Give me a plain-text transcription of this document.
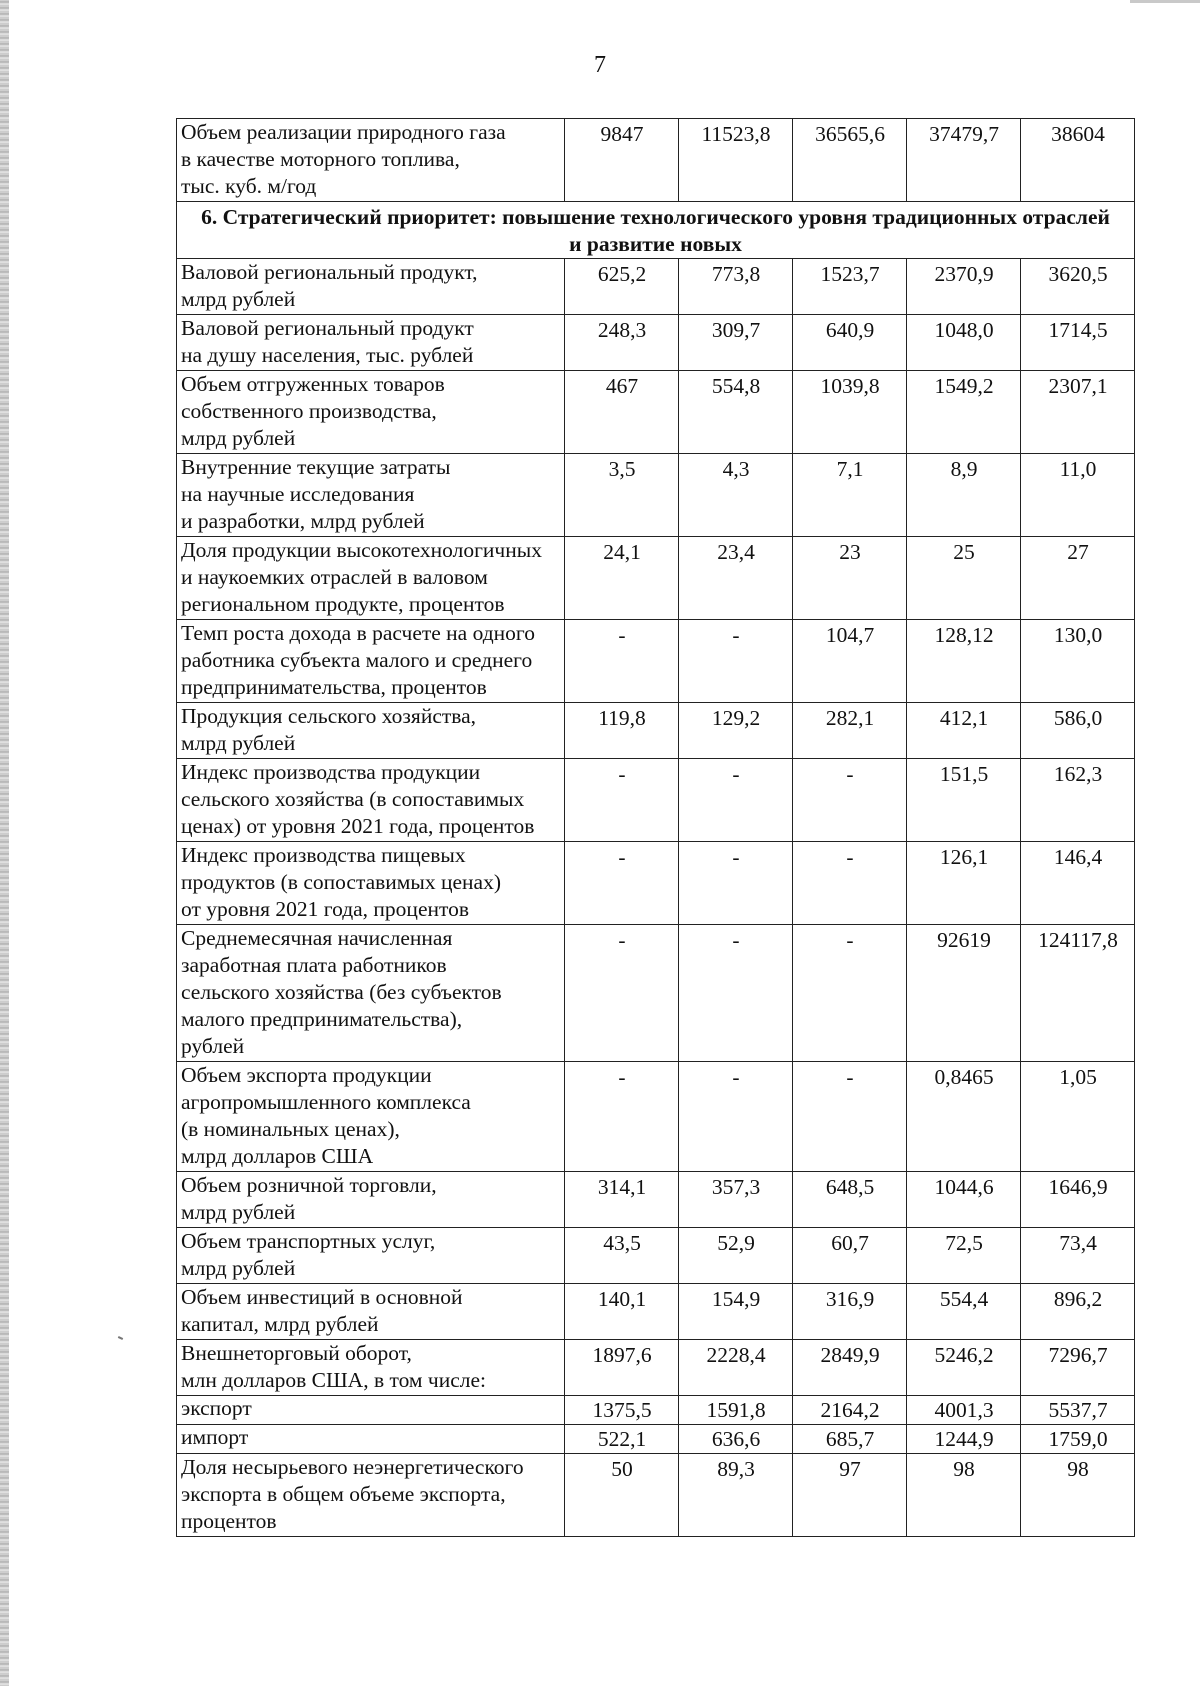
7
Объем реализации природного газа
в качестве моторного топлива,
тыс. куб. м/год	9847	11523,8	36565,6	37479,7	38604
6. Стратегический приоритет: повышение технологического уровня традиционных отраслей и развитие новых					
Валовой региональный продукт,
млрд рублей	625,2	773,8	1523,7	2370,9	3620,5
Валовой региональный продукт
на душу населения, тыс. рублей	248,3	309,7	640,9	1048,0	1714,5
Объем отгруженных товаров
собственного производства,
млрд рублей	467	554,8	1039,8	1549,2	2307,1
Внутренние текущие затраты
на научные исследования
и разработки, млрд рублей	3,5	4,3	7,1	8,9	11,0
Доля продукции высокотехнологичных
и наукоемких отраслей в валовом
региональном продукте, процентов	24,1	23,4	23	25	27
Темп роста дохода в расчете на одного
работника субъекта малого и среднего
предпринимательства, процентов	-	-	104,7	128,12	130,0
Продукция сельского хозяйства,
млрд рублей	119,8	129,2	282,1	412,1	586,0
Индекс производства продукции
сельского хозяйства (в сопоставимых
ценах) от уровня 2021 года, процентов	-	-	-	151,5	162,3
Индекс производства пищевых
продуктов (в сопоставимых ценах)
от уровня 2021 года, процентов	-	-	-	126,1	146,4
Среднемесячная начисленная
заработная плата работников
сельского хозяйства (без субъектов
малого предпринимательства),
рублей	-	-	-	92619	124117,8
Объем экспорта продукции
агропромышленного комплекса
(в номинальных ценах),
млрд долларов США	-	-	-	0,8465	1,05
Объем розничной торговли,
млрд рублей	314,1	357,3	648,5	1044,6	1646,9
Объем транспортных услуг,
млрд рублей	43,5	52,9	60,7	72,5	73,4
Объем инвестиций в основной
капитал, млрд рублей	140,1	154,9	316,9	554,4	896,2
Внешнеторговый оборот,
млн долларов США, в том числе:	1897,6	2228,4	2849,9	5246,2	7296,7
экспорт	1375,5	1591,8	2164,2	4001,3	5537,7
импорт	522,1	636,6	685,7	1244,9	1759,0
Доля несырьевого неэнергетического
экспорта в общем объеме экспорта,
процентов	50	89,3	97	98	98
